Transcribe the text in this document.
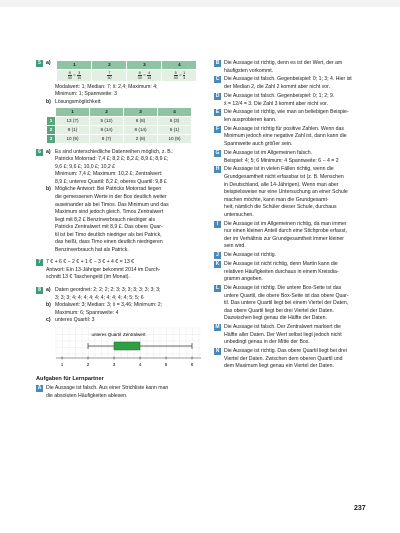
5 a)	1	2	3	4

$\frac{8}{30} = \frac{3}{10}$	$\frac{7}{30}$	$\frac{8}{30} = \frac{4}{15}$	$\frac{5}{30} = \frac{1}{3}$
Modalwert: 1; Median: 7; x̄: 2,4; Maximum: 4;
Minimum: 1; Spannweite: 3
b) Lösungsmöglichkeit:
	1	2	3	4
1	13 (7)	5 (12)	6 (8)	6 (3)
2	8 (1)	8 (14)	8 (14)	6 (1)
3	10 (9)	8 (7)	2 (8)	10 (9)
6 a) Es sind unterschiedliche Datenreihen möglich, z. B.:
Patricks Motorrad: 7,4 £; 8,2 £; 8,2 £; 8,9 £; 8,9 £;
9,6 £; 9,6 £; 10,0 £; 10,2 £
Minimum: 7,4 £; Maximum: 10,2 £; Zentralwert:
8,9 £; unteres Quartil: 8,2 £; oberes Quartil: 9,8 £
b) Mögliche Antwort: Bei Patricks Motorrad liegen
die gemessenen Werte in der Box deutlich weiter
auseinander als bei Timos. Das Minimum und das
Maximum sind jedoch gleich. Timos Zentralwert
liegt mit 8,2 £ Benzinverbrauch niedriger als
Patricks Zentralwert mit 8,9 £. Das obere Quar-
til ist bei Timo deutlich niedriger als bei Patrick,
das heißt, dass Timo einen deutlich niedrigeren
Benzinverbrauch hat als Patrick.
7 7 € + 6 € − 2 € + 1 € − 3 € + 4 € = 13 €
Antwort: Ein 13-Jähriger bekommt 2014 im Durch-
schnitt 13 € Taschengeld (im Monat).
8 a) Daten geordnet: 2; 2; 2; 2; 3; 3; 3; 3; 3; 3; 3; 3;
3; 3; 3; 4; 4; 4; 4; 4; 4; 4; 4; 4; 4; 5; 5; 6
b) Modalwert: 3; Median: 3; x̄ = 3,46; Minimum: 2;
Maximum: 6; Spannweite: 4
c) unteres Quartil: 3
unteres Quartil Zentralwert
1	2	3	4	5	6
Aufgaben für Lernpartner
A Die Aussage ist falsch. Aus einer Strichliste kann man
die absoluten Häufigkeiten ablesen.
B Die Aussage ist richtig, denn es ist der Wert, der am
häufigsten vorkommt.
C Die Aussage ist falsch. Gegenbeispiel: 0; 1; 3; 4. Hier ist
der Median 2, die Zahl 2 kommt aber nicht vor.
D Die Aussage ist falsch. Gegenbeispiel: 0; 1; 2; 9.
x̄ = 12/4 = 3. Die Zahl 3 kommt aber nicht vor.
E Die Aussage ist richtig, wie man an beliebigen Beispie-
len ausprobieren kann.
F Die Aussage ist richtig für positive Zahlen. Wenn das
Minimum jedoch eine negative Zahl ist, dann kann die
Spannweite auch größer sein.
G Die Aussage ist im Allgemeinen falsch.
Beispiel: 4; 5; 6 Minimum: 4 Spannweite: 6 − 4 = 2
H Die Aussage ist in vielen Fällen richtig, wenn die
Grundgesamtheit nicht erfassbar ist (z. B. Menschen
in Deutschland, alle 14-Jährigen). Wenn man aber
beispielsweise nur eine Untersuchung an einer Schule
machen möchte, kann man die Grundgesamt-
heit, nämlich die Schüler dieser Schule, durchaus
untersuchen.
I Die Aussage ist im Allgemeinen richtig, da man immer
nur einen kleinen Anteil durch eine Stichprobe erfasst,
der im Verhältnis zur Grundgesamtheit immer kleiner
sein wird.
J Die Aussage ist richtig.
K Die Aussage ist nicht richtig, denn Martin kann die
relativen Häufigkeiten durchaus in einem Kreisdia-
gramm angeben.
L Die Aussage ist richtig. Die untere Box-Seite ist das
untere Quartil, die obere Box-Seite ist das obere Quar-
til. Das untere Quartil liegt bei einem Viertel der Daten,
das obere Quartil liegt bei drei Viertel der Daten.
Dazwischen liegt genau die Hälfte der Daten.
M Die Aussage ist falsch. Der Zentralwert markiert die
Hälfte aller Daten. Der Wert selbst liegt jedoch nicht
unbedingt genau in der Mitte der Box.
N Die Aussage ist richtig. Das obere Quartil liegt bei drei
Viertel der Daten. Zwischen dem oberen Quartil und
dem Maximum liegt genau ein Viertel der Daten.
237
